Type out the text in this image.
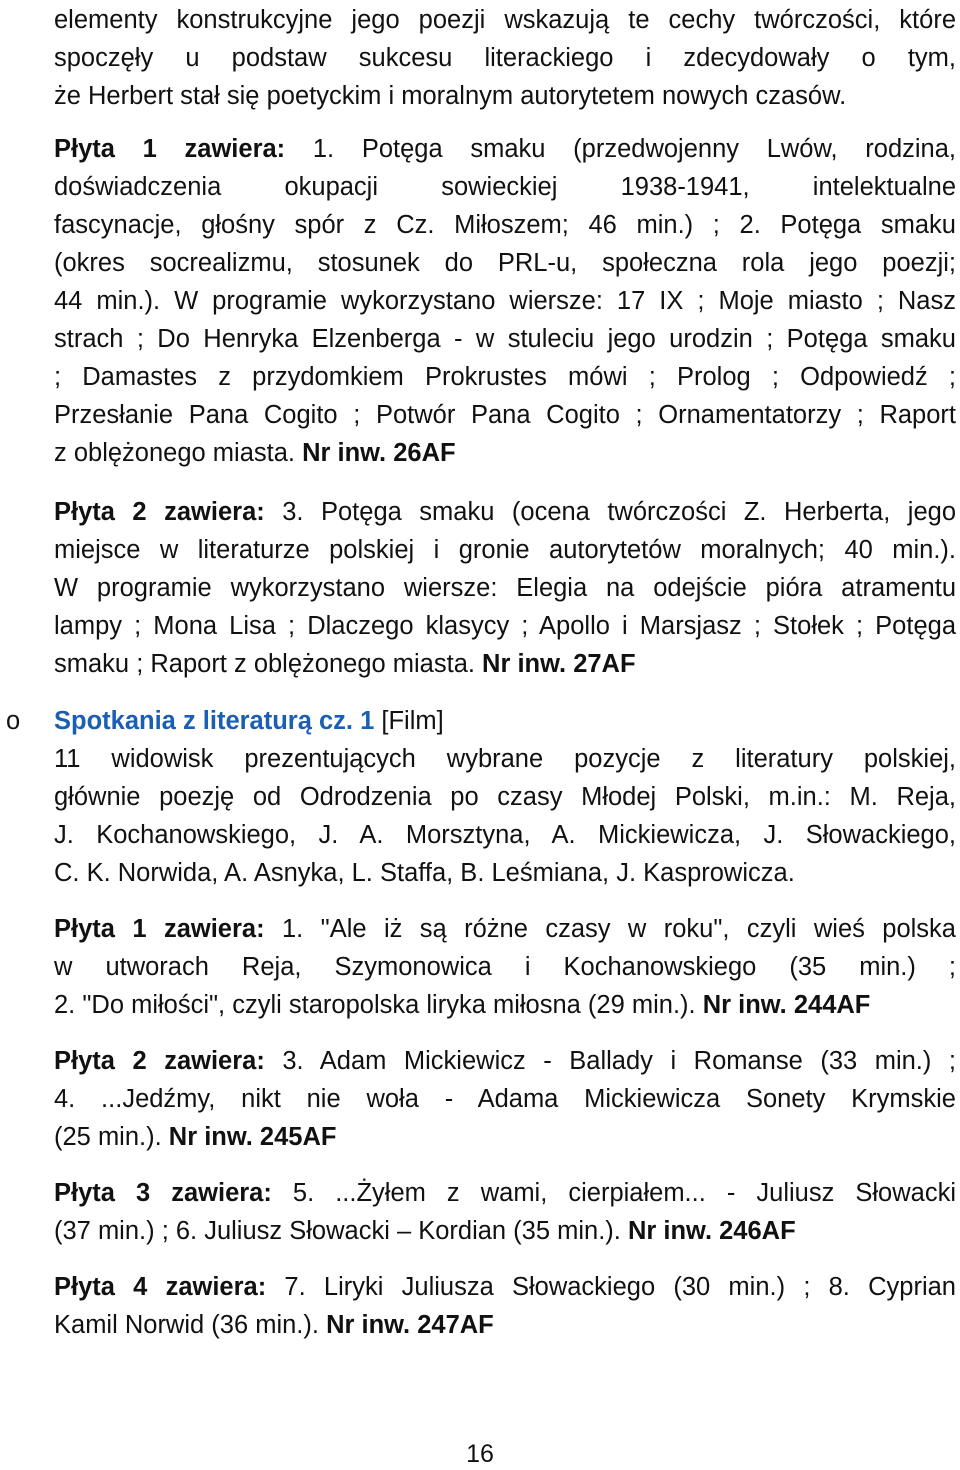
elementy konstrukcyjne jego poezji wskazują te cechy twórczości, które
spoczęły u podstaw sukcesu literackiego i zdecydowały o tym,
że Herbert stał się poetyckim i moralnym autorytetem nowych czasów.
Płyta 1 zawiera: 1. Potęga smaku (przedwojenny Lwów, rodzina,
doświadczenia okupacji sowieckiej 1938-1941, intelektualne
fascynacje, głośny spór z Cz. Miłoszem; 46 min.) ; 2. Potęga smaku
(okres socrealizmu, stosunek do PRL-u, społeczna rola jego poezji;
44 min.). W programie wykorzystano wiersze: 17 IX ; Moje miasto ; Nasz
strach ; Do Henryka Elzenberga - w stuleciu jego urodzin ; Potęga smaku
; Damastes z przydomkiem Prokrustes mówi ; Prolog ; Odpowiedź ;
Przesłanie Pana Cogito ; Potwór Pana Cogito ; Ornamentatorzy ; Raport
z oblężonego miasta. Nr inw. 26AF
Płyta 2 zawiera: 3. Potęga smaku (ocena twórczości Z. Herberta, jego
miejsce w literaturze polskiej i gronie autorytetów moralnych; 40 min.).
W programie wykorzystano wiersze: Elegia na odejście pióra atramentu
lampy ; Mona Lisa ; Dlaczego klasycy ; Apollo i Marsjasz ; Stołek ; Potęga
smaku ; Raport z oblężonego miasta. Nr inw. 27AF
o Spotkania z literaturą cz. 1 [Film]
11 widowisk prezentujących wybrane pozycje z literatury polskiej,
głównie poezję od Odrodzenia po czasy Młodej Polski, m.in.: M. Reja,
J. Kochanowskiego, J. A. Morsztyna, A. Mickiewicza, J. Słowackiego,
C. K. Norwida, A. Asnyka, L. Staffa, B. Leśmiana, J. Kasprowicza.
Płyta 1 zawiera: 1. "Ale iż są różne czasy w roku", czyli wieś polska
w utworach Reja, Szymonowica i Kochanowskiego (35 min.) ;
2. "Do miłości", czyli staropolska liryka miłosna (29 min.). Nr inw. 244AF
Płyta 2 zawiera: 3. Adam Mickiewicz - Ballady i Romanse (33 min.) ;
4. ...Jedźmy, nikt nie woła - Adama Mickiewicza Sonety Krymskie
(25 min.). Nr inw. 245AF
Płyta 3 zawiera: 5. ...Żyłem z wami, cierpiałem... - Juliusz Słowacki
(37 min.) ; 6. Juliusz Słowacki – Kordian (35 min.). Nr inw. 246AF
Płyta 4 zawiera: 7. Liryki Juliusza Słowackiego (30 min.) ; 8. Cyprian
Kamil Norwid (36 min.). Nr inw. 247AF
16
